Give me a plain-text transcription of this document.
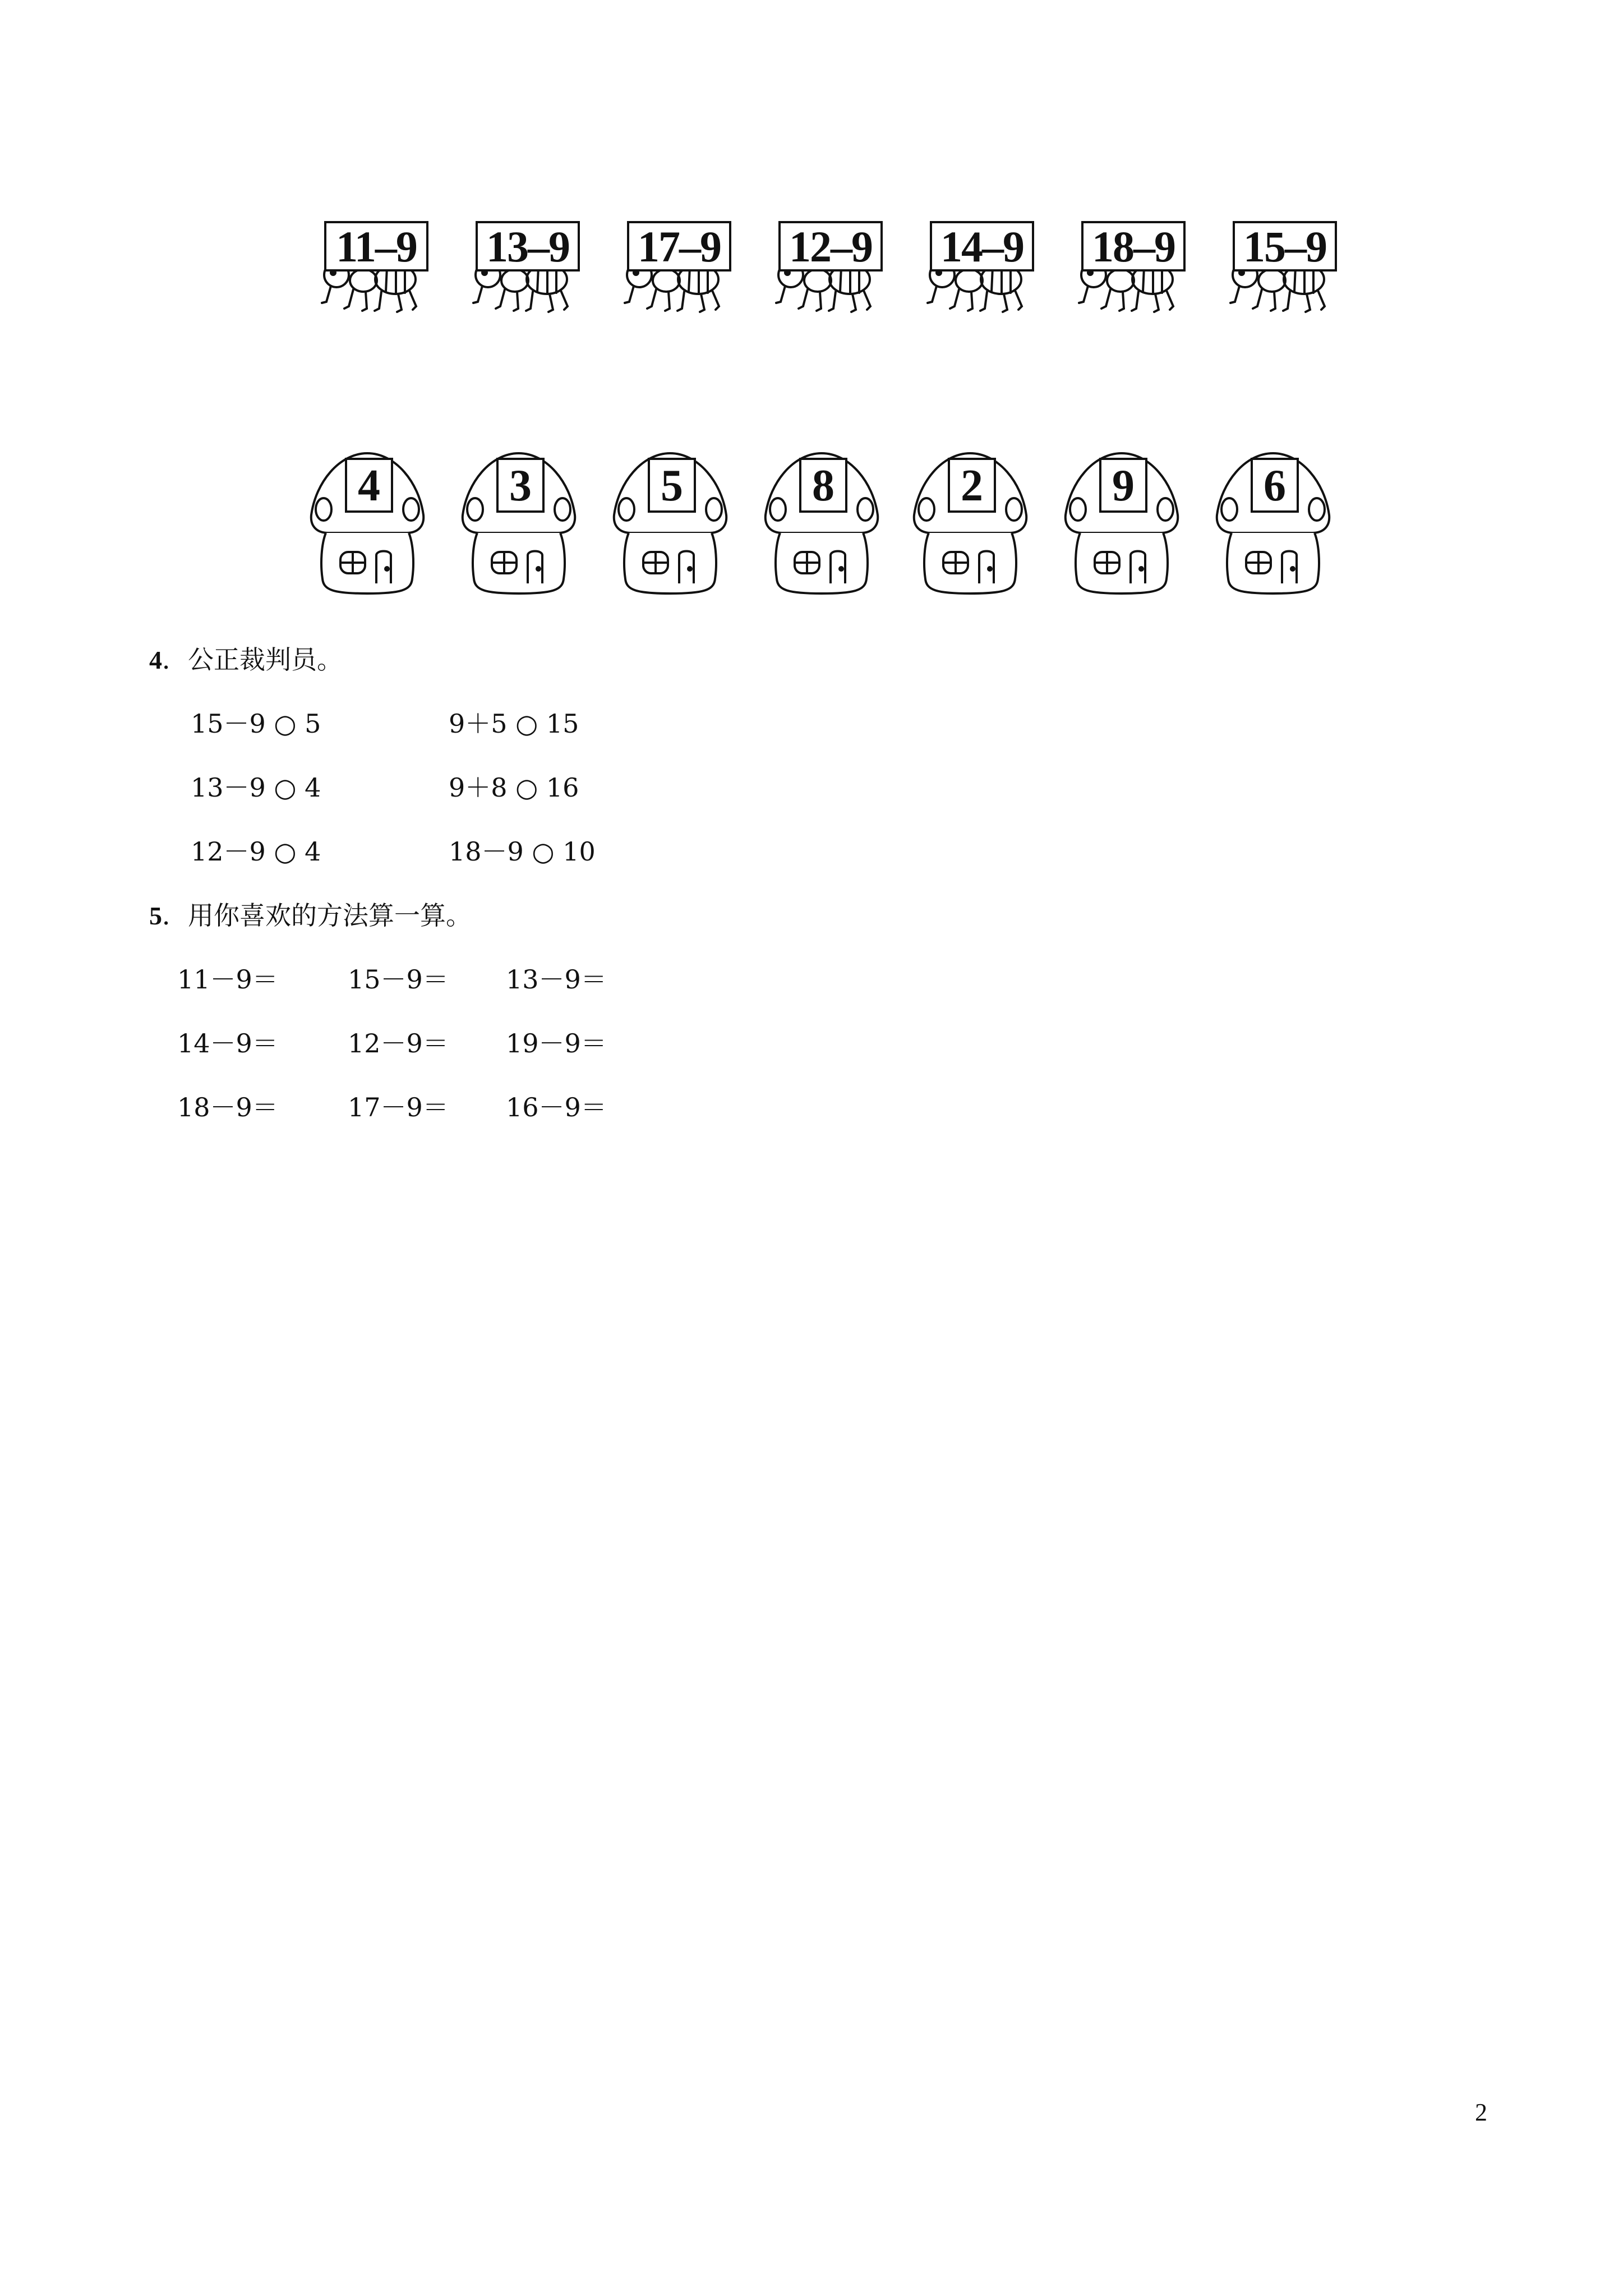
11–9 13–9 17–9 12–9 14–9 18–9 15–9
4	3	5	8	2	9	6
4．公正裁判员。
15－9 ○ 5	9＋5 ○ 15
13－9 ○ 4	9＋8 ○ 16
12－9 ○ 4	18－9 ○ 10
5．用你喜欢的方法算一算。
11－9＝	15－9＝ 13－9＝
14－9＝	12－9＝ 19－9＝
18－9＝	17－9＝ 16－9＝
2
